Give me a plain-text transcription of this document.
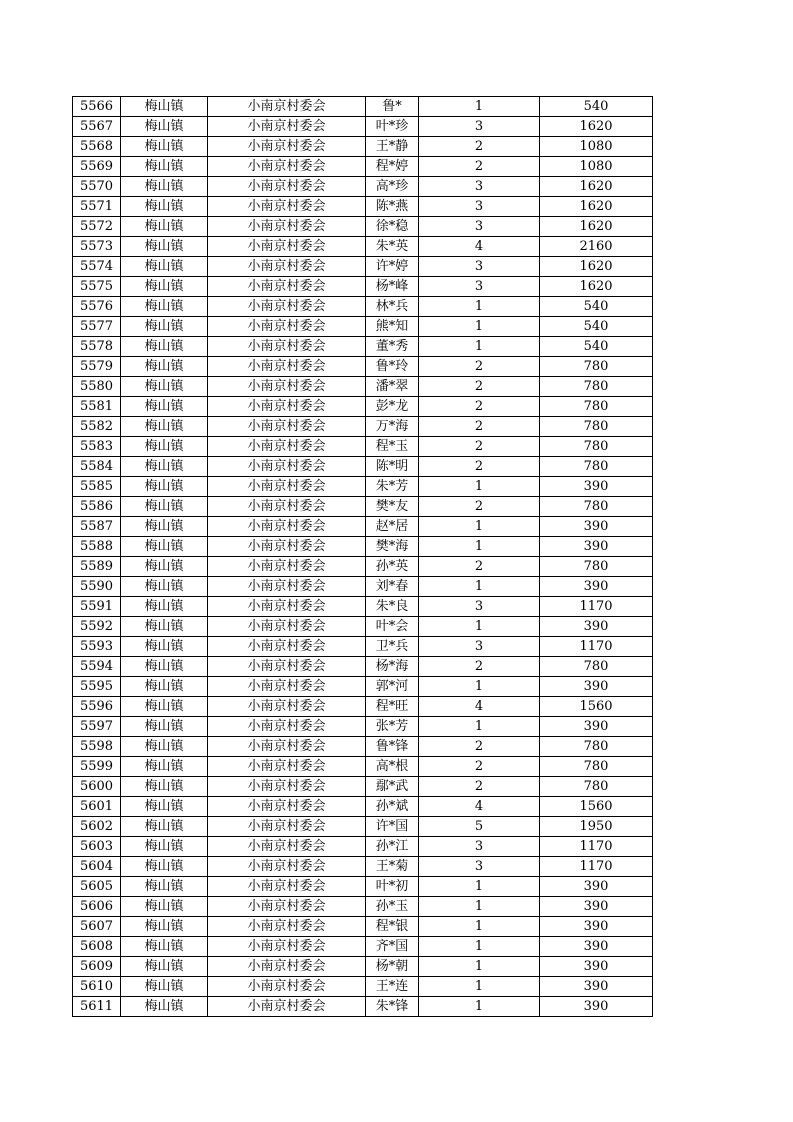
5566	梅山镇	小南京村委会	鲁*	1	540
5567	梅山镇	小南京村委会	叶*珍	3	1620
5568	梅山镇	小南京村委会	王*静	2	1080
5569	梅山镇	小南京村委会	程*婷	2	1080
5570	梅山镇	小南京村委会	高*珍	3	1620
5571	梅山镇	小南京村委会	陈*燕	3	1620
5572	梅山镇	小南京村委会	徐*稳	3	1620
5573	梅山镇	小南京村委会	朱*英	4	2160
5574	梅山镇	小南京村委会	许*婷	3	1620
5575	梅山镇	小南京村委会	杨*峰	3	1620
5576	梅山镇	小南京村委会	林*兵	1	540
5577	梅山镇	小南京村委会	熊*知	1	540
5578	梅山镇	小南京村委会	董*秀	1	540
5579	梅山镇	小南京村委会	鲁*玲	2	780
5580	梅山镇	小南京村委会	潘*翠	2	780
5581	梅山镇	小南京村委会	彭*龙	2	780
5582	梅山镇	小南京村委会	万*海	2	780
5583	梅山镇	小南京村委会	程*玉	2	780
5584	梅山镇	小南京村委会	陈*明	2	780
5585	梅山镇	小南京村委会	朱*芳	1	390
5586	梅山镇	小南京村委会	樊*友	2	780
5587	梅山镇	小南京村委会	赵*居	1	390
5588	梅山镇	小南京村委会	樊*海	1	390
5589	梅山镇	小南京村委会	孙*英	2	780
5590	梅山镇	小南京村委会	刘*春	1	390
5591	梅山镇	小南京村委会	朱*良	3	1170
5592	梅山镇	小南京村委会	叶*会	1	390
5593	梅山镇	小南京村委会	卫*兵	3	1170
5594	梅山镇	小南京村委会	杨*海	2	780
5595	梅山镇	小南京村委会	郭*河	1	390
5596	梅山镇	小南京村委会	程*旺	4	1560
5597	梅山镇	小南京村委会	张*芳	1	390
5598	梅山镇	小南京村委会	鲁*锋	2	780
5599	梅山镇	小南京村委会	高*根	2	780
5600	梅山镇	小南京村委会	鄢*武	2	780
5601	梅山镇	小南京村委会	孙*斌	4	1560
5602	梅山镇	小南京村委会	许*国	5	1950
5603	梅山镇	小南京村委会	孙*江	3	1170
5604	梅山镇	小南京村委会	王*菊	3	1170
5605	梅山镇	小南京村委会	叶*初	1	390
5606	梅山镇	小南京村委会	孙*玉	1	390
5607	梅山镇	小南京村委会	程*银	1	390
5608	梅山镇	小南京村委会	齐*国	1	390
5609	梅山镇	小南京村委会	杨*朝	1	390
5610	梅山镇	小南京村委会	王*连	1	390
5611	梅山镇	小南京村委会	朱*锋	1	390
